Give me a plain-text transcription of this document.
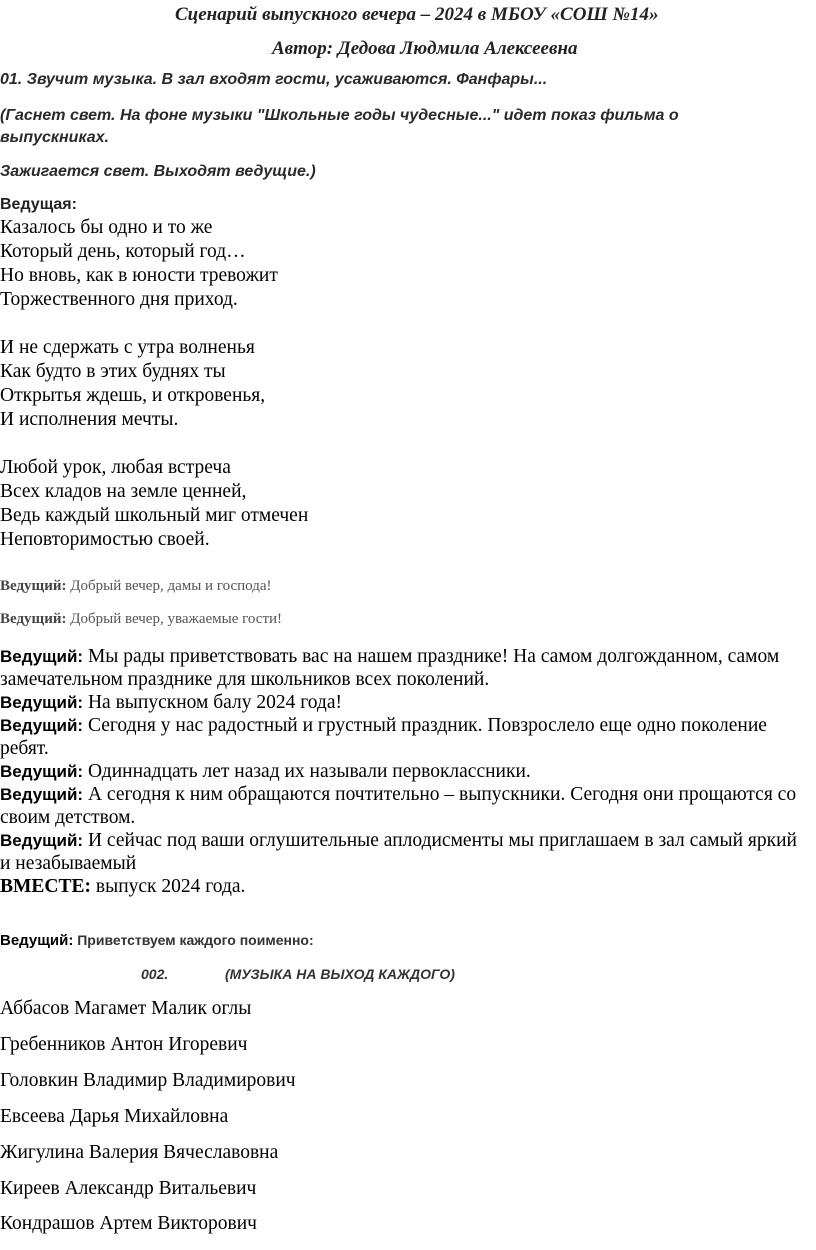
Сценарий выпускного вечера – 2024 в МБОУ «СОШ №14»
Автор: Дедова Людмила Алексеевна
01. Звучит музыка. В зал входят гости, усаживаются. Фанфары...
(Гаснет свет. На фоне музыки "Школьные годы чудесные..." идет показ фильма о
выпускниках.
Зажигается свет. Выходят ведущие.)
Ведущая:
Казалось бы одно и то же
Который день, который год…
Но вновь, как в юности тревожит
Торжественного дня приход.
И не сдержать с утра волненья
Как будто в этих буднях ты
Открытья ждешь, и откровенья,
И исполнения мечты.
Любой урок, любая встреча
Всех кладов на земле ценней,
Ведь каждый школьный миг отмечен
Неповторимостью своей.
Ведущий: Добрый вечер, дамы и господа!
Ведущий: Добрый вечер, уважаемые гости!
Ведущий: Мы рады приветствовать вас на нашем празднике! На самом долгожданном, самом замечательном празднике для школьников всех поколений.
Ведущий: На выпускном балу 2024 года!
Ведущий: Сегодня у нас радостный и грустный праздник. Повзрослело еще одно поколение ребят.
Ведущий: Одиннадцать лет назад их называли первоклассники.
Ведущий: А сегодня к ним обращаются почтительно – выпускники. Сегодня они прощаются со своим детством.
Ведущий: И сейчас под ваши оглушительные аплодисменты мы приглашаем в зал самый яркий и незабываемый
ВМЕСТЕ: выпуск 2024 года.
Ведущий: Приветствуем каждого поименно:
002.	(МУЗЫКА НА ВЫХОД КАЖДОГО)
Аббасов Магамет Малик оглы
Гребенников Антон Игоревич
Головкин Владимир Владимирович
Евсеева Дарья Михайловна
Жигулина Валерия Вячеславовна
Киреев Александр Витальевич
Кондрашов Артем Викторович
